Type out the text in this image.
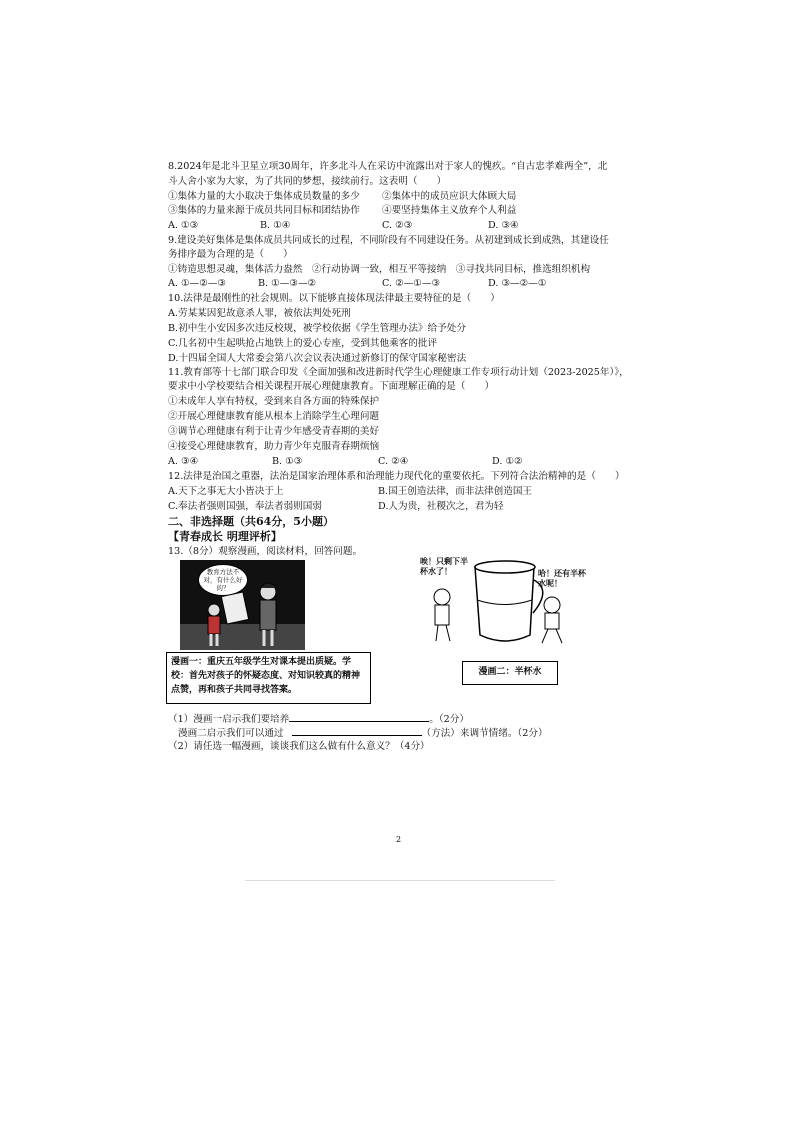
8.2024年是北斗卫星立项30周年，许多北斗人在采访中流露出对于家人的愧疚。“自古忠孝难两全”，北
斗人舍小家为大家，为了共同的梦想，接续前行。这表明（　　）
①集体力量的大小取决于集体成员数量的多少 ②集体中的成员应识大体顾大局
③集体的力量来源于成员共同目标和团结协作 ④要坚持集体主义放弃个人利益
A. ①③	B. ①④	C. ②③	D. ③④
9.建设美好集体是集体成员共同成长的过程，不同阶段有不同建设任务。从初建到成长到成熟，其建设任
务排序最为合理的是（　　）
①铸造思想灵魂，集体活力盎然　②行动协调一致，相互平等接纳　③寻找共同目标，推选组织机构
A. ①—②—③	B. ①—③—②	C. ②—①—③	D. ③—②—①
10.法律是最刚性的社会规则。以下能够直接体现法律最主要特征的是（　　）
A.劳某某因犯故意杀人罪，被依法判处死刑
B.初中生小安因多次违反校规，被学校依据《学生管理办法》给予处分
C.几名初中生起哄抢占地铁上的爱心专座，受到其他乘客的批评
D.十四届全国人大常委会第八次会议表决通过新修订的保守国家秘密法
11.教育部等十七部门联合印发《全面加强和改进新时代学生心理健康工作专项行动计划（2023-2025年）》，
要求中小学校要结合相关课程开展心理健康教育。下面理解正确的是（　　）
①未成年人享有特权，受到来自各方面的特殊保护
②开展心理健康教育能从根本上消除学生心理问题
③调节心理健康有利于让青少年感受青春期的美好
④接受心理健康教育，助力青少年克服青春期烦恼
A. ③④	B. ①③	C. ②④	D. ①②
12.法律是治国之重器，法治是国家治理体系和治理能力现代化的重要依托。下列符合法治精神的是（　　）
A.天下之事无大小皆决于上	B.国王创造法律，而非法律创造国王
C.奉法者强则国强，奉法者弱则国弱	D.人为贵，社稷次之，君为轻
二、非选择题（共64分，5小题）
【青春成长 明理评析】
13.（8分）观察漫画，阅读材料，回答问题。
教育方法不对，有什么好的？
漫画一：重庆五年级学生对课本提出质疑。学校：首先对孩子的怀疑态度、对知识较真的精神点赞，再和孩子共同寻找答案。
唉！只剩下半杯水了！	哈！还有半杯水呢！
漫画二：半杯水
（1）漫画一启示我们要培养	。（2分）
漫画二启示我们可以通过	（方法）来调节情绪。（2分）
（2）请任选一幅漫画，谈谈我们这么做有什么意义？（4分）
2
